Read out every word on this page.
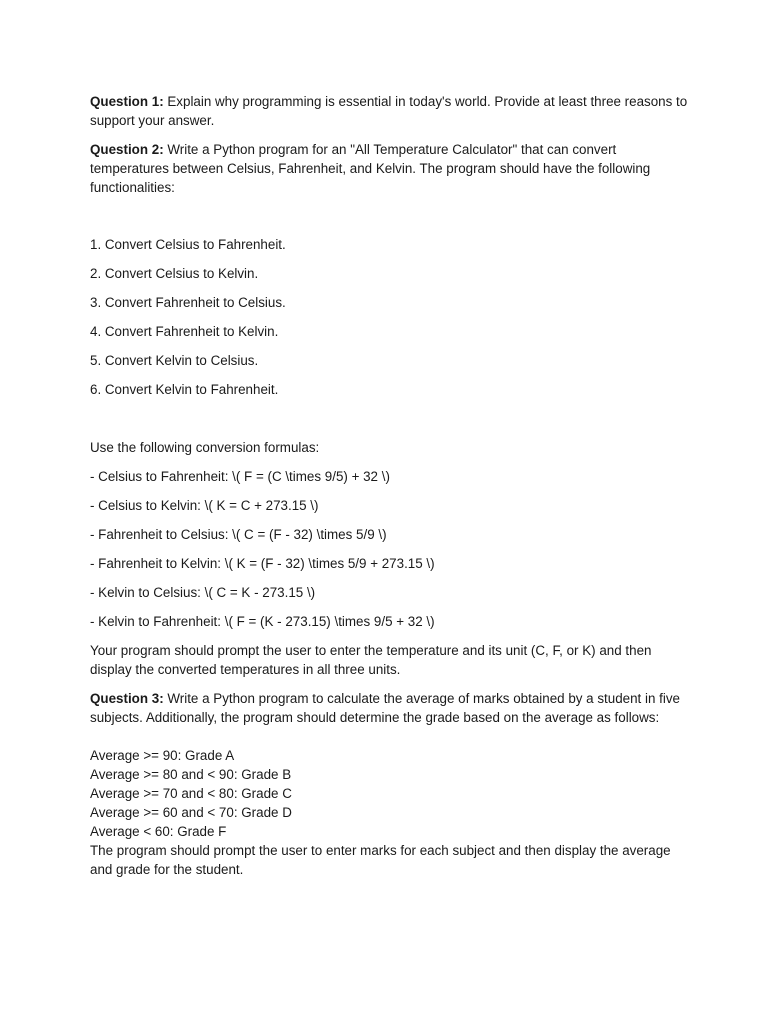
Question 1: Explain why programming is essential in today's world. Provide at least three reasons to support your answer.

Question 2: Write a Python program for an "All Temperature Calculator" that can convert temperatures between Celsius, Fahrenheit, and Kelvin. The program should have the following functionalities:

1. Convert Celsius to Fahrenheit.

2. Convert Celsius to Kelvin.

3. Convert Fahrenheit to Celsius.

4. Convert Fahrenheit to Kelvin.

5. Convert Kelvin to Celsius.

6. Convert Kelvin to Fahrenheit.

Use the following conversion formulas:

- Celsius to Fahrenheit: \( F = (C \times 9/5) + 32 \)

- Celsius to Kelvin: \( K = C + 273.15 \)

- Fahrenheit to Celsius: \( C = (F - 32) \times 5/9 \)

- Fahrenheit to Kelvin: \( K = (F - 32) \times 5/9 + 273.15 \)

- Kelvin to Celsius: \( C = K - 273.15 \)

- Kelvin to Fahrenheit: \( F = (K - 273.15) \times 9/5 + 32 \)

Your program should prompt the user to enter the temperature and its unit (C, F, or K) and then display the converted temperatures in all three units.

Question 3: Write a Python program to calculate the average of marks obtained by a student in five subjects. Additionally, the program should determine the grade based on the average as follows:

Average >= 90: Grade A

Average >= 80 and < 90: Grade B

Average >= 70 and < 80: Grade C

Average >= 60 and < 70: Grade D

Average < 60: Grade F

The program should prompt the user to enter marks for each subject and then display the average and grade for the student.
